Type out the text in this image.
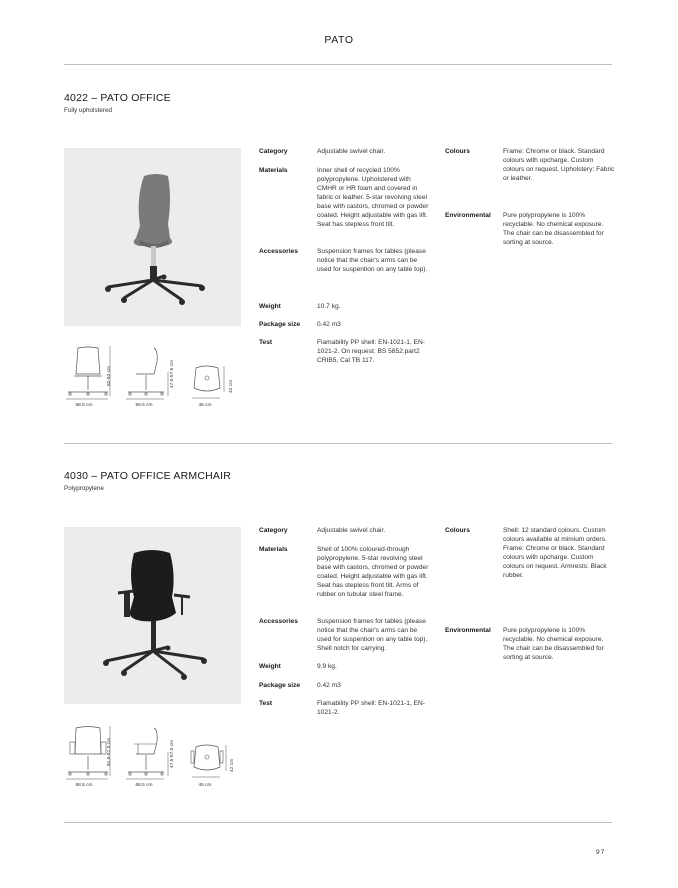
PATO
4022 – PATO OFFICE
Fully upholstered
Category	Adjustable swivel chair.
Materials	Inner shell of recycled 100% polypropylene. Upholstered with CMHR or HR foam and covered in fabric or leather. 5-star revolving steel base with castors, chromed or powder coated. Height adjustable with gas lift. Seat has stepless front tilt.
Accessories	Suspension frames for tables (please notice that the chair's arms can be used for suspention on any table top).
Weight	10.7 kg.
Package size	0.42 m3
Test	Flamability PP shell: EN-1021-1, EN-1021-2. On request: BS 5852:part2 CRIB5, Cal TB 117.
Colours	Frame: Chrome or black. Standard colours with upcharge. Custom colours on request. Upholstery: Fabric or leather.
Environmental Pure polypropylene is 100% recyclable. No chemical exposure. The chair can be disassembled for sorting at source.
82-92 cm
68.5 cm
47.5-57.5 cm
68.5 cm
42 cm
45 cm
4030 – PATO OFFICE ARMCHAIR
Polypropylene
Category	Adjustable swivel chair.
Materials	Shell of 100% coloured-through polypropylene. 5-star revolving steel base with castors, chromed or powder coated. Height adjustable with gas lift. Seat has stepless front tilt. Arms of rubber on tubular steel frame.
Accessories	Suspension frames for tables (please notice that the chair's arms can be used for suspention on any table top). Shell notch for carrying.
Weight	9.9 kg.
Package size	0.42 m3
Test	Flamability PP shell: EN-1021-1, EN-1021-2.
Colours	Shell: 12 standard colours. Custom colours available at mimium orders. Frame: Chrome or black. Standard colours with upcharge. Custom colours on request. Armrests: Black rubber.
Environmental Pure polypropylene is 100% recyclable. No chemical exposure. The chair can be disassembled for sorting at source.
81.5-91.5 cm
68.5 cm
47.5-57.5 cm
68.5 cm
42 cm
45 cm
97
